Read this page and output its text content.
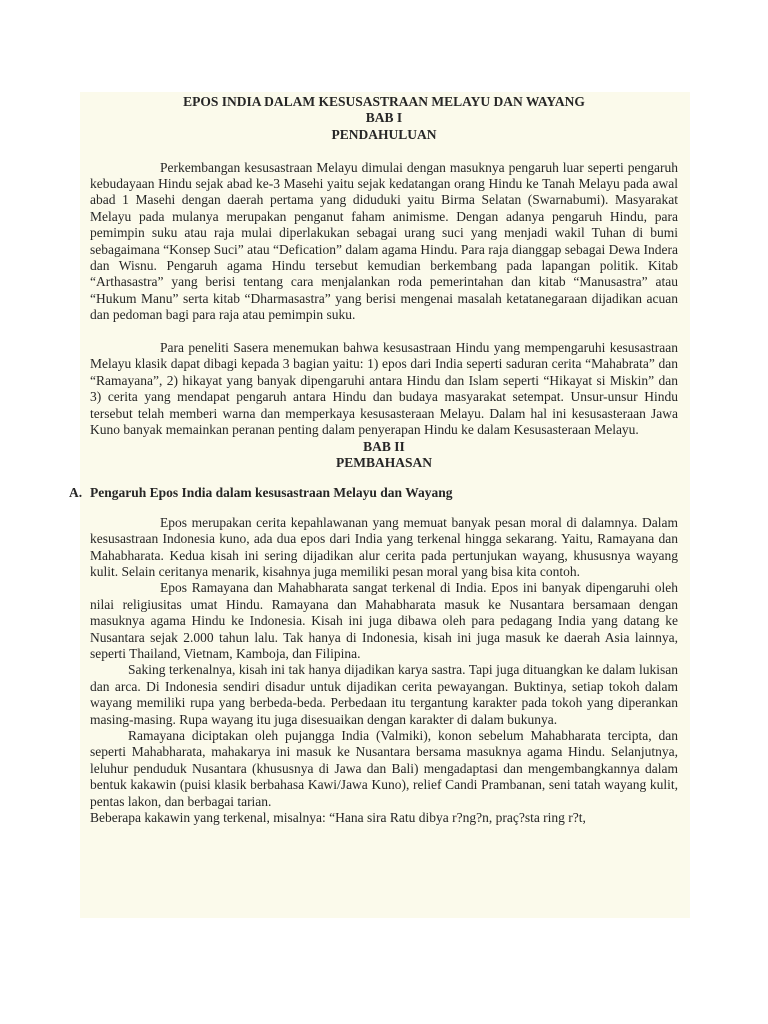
EPOS INDIA DALAM KESUSASTRAAN MELAYU DAN WAYANG

BAB I

PENDAHULUAN

Perkembangan kesusastraan Melayu dimulai dengan masuknya pengaruh luar seperti pengaruh kebudayaan Hindu sejak abad ke-3 Masehi yaitu sejak kedatangan orang Hindu ke Tanah Melayu pada awal abad 1 Masehi dengan daerah pertama yang diduduki yaitu Birma Selatan (Swarnabumi). Masyarakat Melayu pada mulanya merupakan penganut faham animisme. Dengan adanya pengaruh Hindu, para pemimpin suku atau raja mulai diperlakukan sebagai urang suci yang menjadi wakil Tuhan di bumi sebagaimana “Konsep Suci” atau “Defication” dalam agama Hindu. Para raja dianggap sebagai Dewa Indera dan Wisnu. Pengaruh agama Hindu tersebut kemudian berkembang pada lapangan politik. Kitab “Arthasastra” yang berisi tentang cara menjalankan roda pemerintahan dan kitab “Manusastra” atau “Hukum Manu” serta kitab “Dharmasastra” yang berisi mengenai masalah ketatanegaraan dijadikan acuan dan pedoman bagi para raja atau pemimpin suku.

Para peneliti Sasera menemukan bahwa kesusastraan Hindu yang mempengaruhi kesusastraan Melayu klasik dapat dibagi kepada 3 bagian yaitu: 1) epos dari India seperti saduran cerita “Mahabrata” dan “Ramayana”, 2) hikayat yang banyak dipengaruhi antara Hindu dan Islam seperti “Hikayat si Miskin” dan 3) cerita yang mendapat pengaruh antara Hindu dan budaya masyarakat setempat. Unsur-unsur Hindu tersebut telah memberi warna dan memperkaya kesusasteraan Melayu. Dalam hal ini kesusasteraan Jawa Kuno banyak memainkan peranan penting dalam penyerapan Hindu ke dalam Kesusasteraan Melayu.

BAB II

PEMBAHASAN

A. Pengaruh Epos India dalam kesusastraan Melayu dan Wayang

Epos merupakan cerita kepahlawanan yang memuat banyak pesan moral di dalamnya. Dalam kesusastraan Indonesia kuno, ada dua epos dari India yang terkenal hingga sekarang. Yaitu, Ramayana dan Mahabharata. Kedua kisah ini sering dijadikan alur cerita pada pertunjukan wayang, khususnya wayang kulit. Selain ceritanya menarik, kisahnya juga memiliki pesan moral yang bisa kita contoh.

Epos Ramayana dan Mahabharata sangat terkenal di India. Epos ini banyak dipengaruhi oleh nilai religiusitas umat Hindu. Ramayana dan Mahabharata masuk ke Nusantara bersamaan dengan masuknya agama Hindu ke Indonesia. Kisah ini juga dibawa oleh para pedagang India yang datang ke Nusantara sejak 2.000 tahun lalu. Tak hanya di Indonesia, kisah ini juga masuk ke daerah Asia lainnya, seperti Thailand, Vietnam, Kamboja, dan Filipina.

Saking terkenalnya, kisah ini tak hanya dijadikan karya sastra. Tapi juga dituangkan ke dalam lukisan dan arca. Di Indonesia sendiri disadur untuk dijadikan cerita pewayangan. Buktinya, setiap tokoh dalam wayang memiliki rupa yang berbeda-beda. Perbedaan itu tergantung karakter pada tokoh yang diperankan masing-masing. Rupa wayang itu juga disesuaikan dengan karakter di dalam bukunya.

Ramayana diciptakan oleh pujangga India (Valmiki), konon sebelum Mahabharata tercipta, dan seperti Mahabharata, mahakarya ini masuk ke Nusantara bersama masuknya agama Hindu. Selanjutnya, leluhur penduduk Nusantara (khususnya di Jawa dan Bali) mengadaptasi dan mengembangkannya dalam bentuk kakawin (puisi klasik berbahasa Kawi/Jawa Kuno), relief Candi Prambanan, seni tatah wayang kulit, pentas lakon, dan berbagai tarian.

Beberapa kakawin yang terkenal, misalnya: “Hana sira Ratu dibya r?ng?n, praç?sta ring r?t,
